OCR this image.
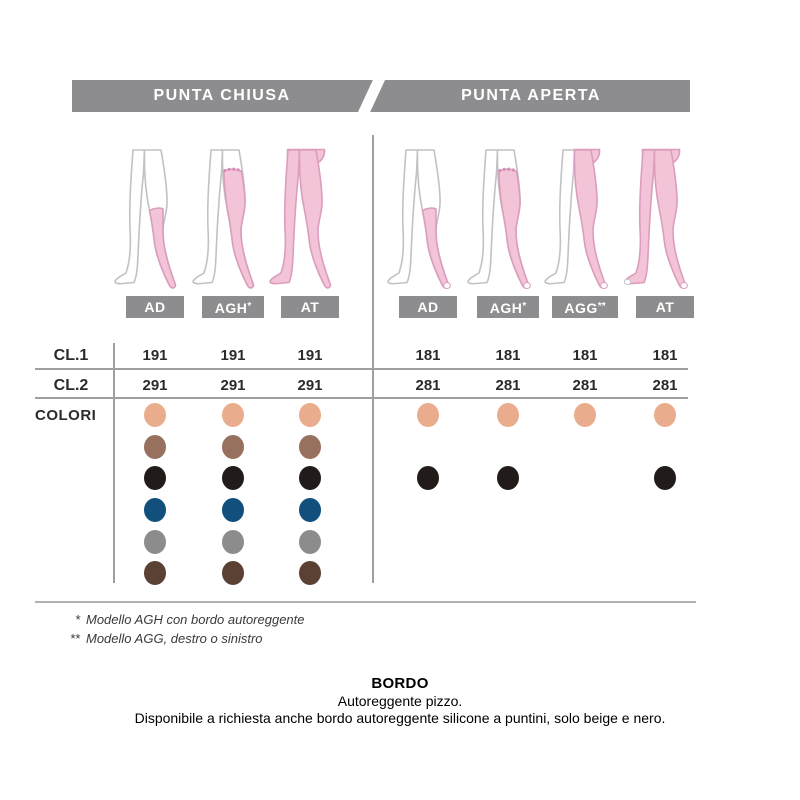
PUNTA CHIUSA	PUNTA APERTA
CL.1
CL.2
COLORI
AD
191
291
AGH*
191
291
AT
191
291
AD
181
281
AGH*
181
281
AGG**
181
281
AT
181
281
* Modello AGH con bordo autoreggente
** Modello AGG, destro o sinistro
BORDO
Autoreggente pizzo.
Disponibile a richiesta anche bordo autoreggente silicone a puntini, solo beige e nero.
